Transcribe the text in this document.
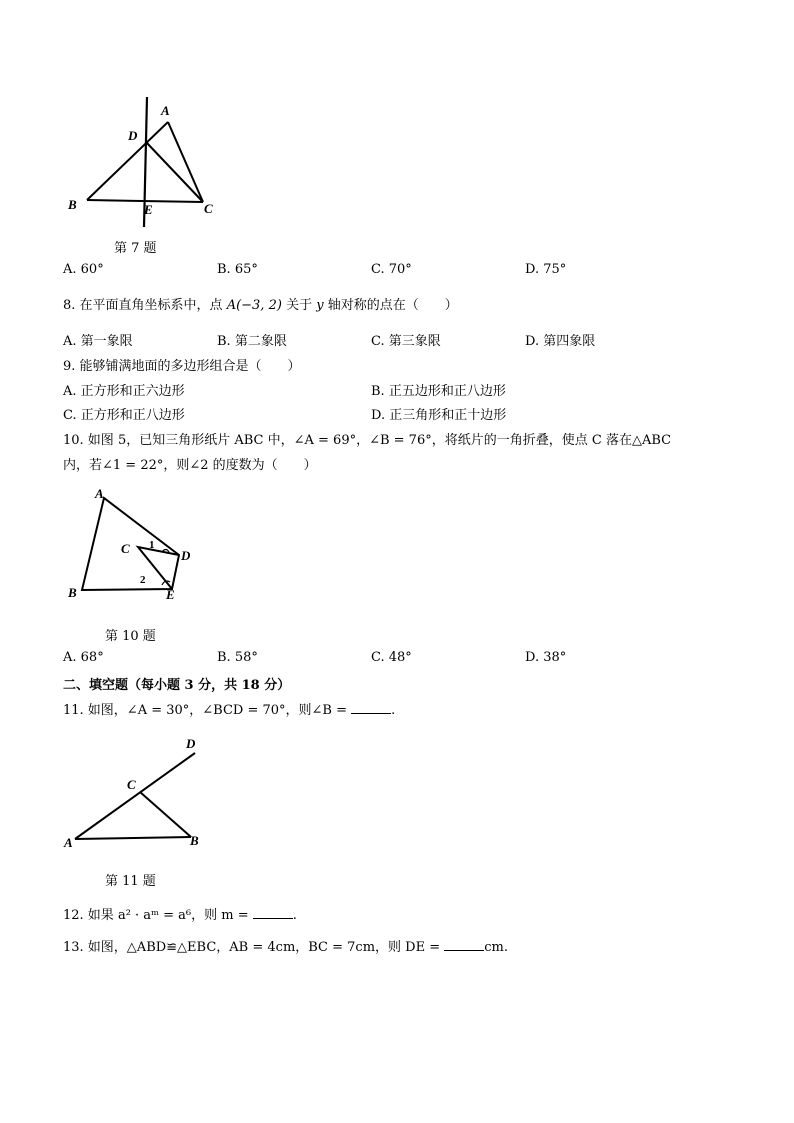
A
D
B	E	C
第 7 题
A. 60°	B. 65°	C. 70°	D. 75°
8. 在平面直角坐标系中，点 A(−3, 2) 关于 y 轴对称的点在（　　）
A. 第一象限	B. 第二象限	C. 第三象限	D. 第四象限
9. 能够铺满地面的多边形组合是（　　）
A. 正方形和正六边形	B. 正五边形和正八边形
C. 正方形和正八边形	D. 正三角形和正十边形
10. 如图 5，已知三角形纸片 ABC 中，∠A = 69°，∠B = 76°，将纸片的一角折叠，使点 C 落在△ABC
内，若∠1 = 22°，则∠2 的度数为（　　）
A
C	D
B	E
1
2
第 10 题
A. 68°	B. 58°	C. 48°	D. 38°
二、填空题（每小题 3 分，共 18 分）
11. 如图，∠A = 30°，∠BCD = 70°，则∠B =	.
D
C
A	B
第 11 题
12. 如果 a² · aᵐ = a⁶，则 m =	.
13. 如图，△ABD≌△EBC，AB = 4cm，BC = 7cm，则 DE =	cm.
